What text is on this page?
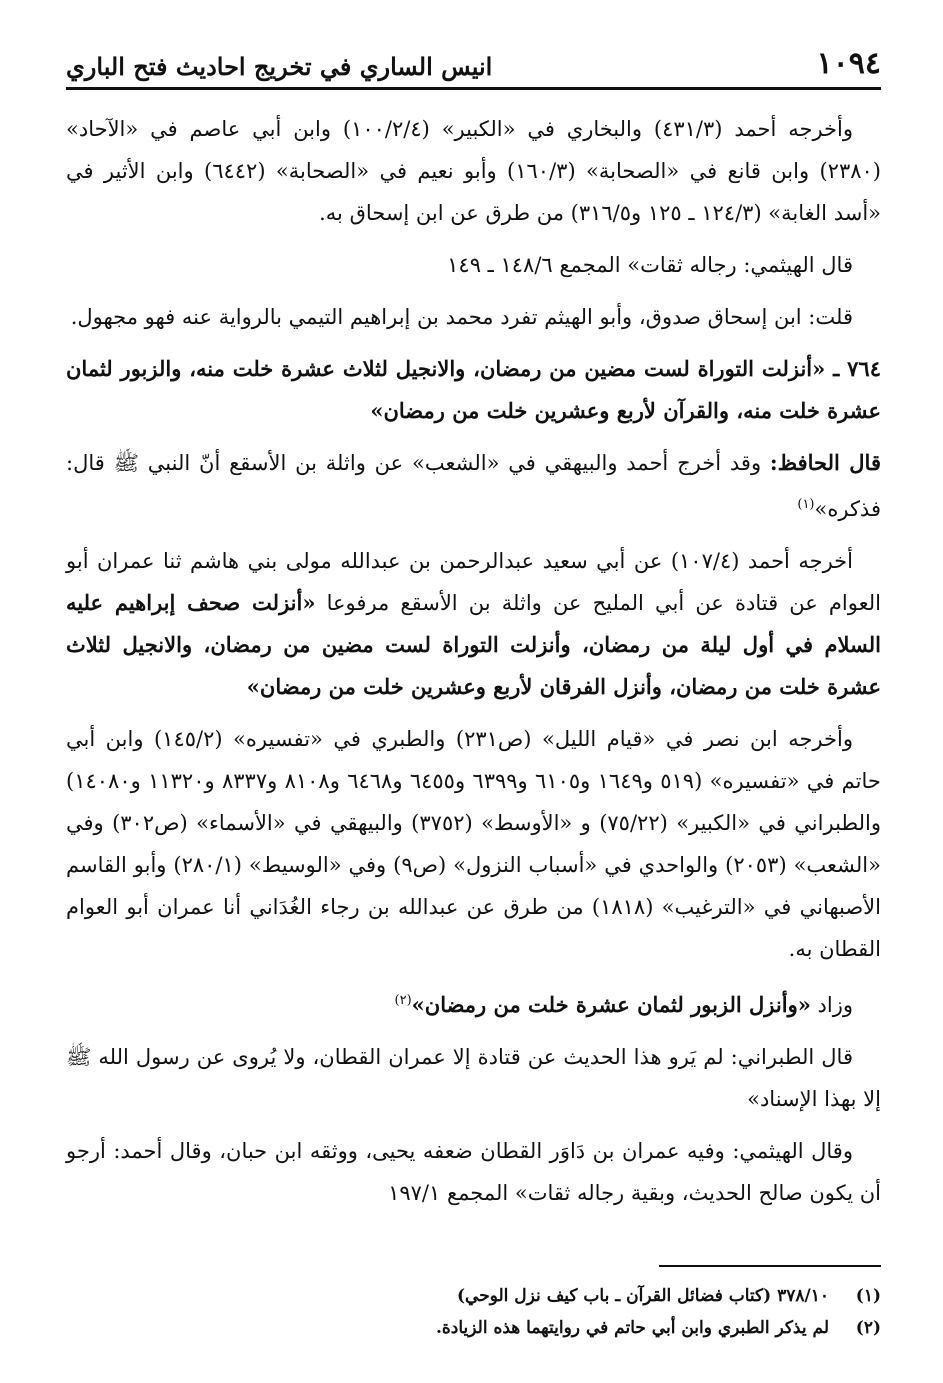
١٠٩٤
انيس الساري في تخريج احاديث فتح الباري

وأخرجه أحمد (٤٣١/٣) والبخاري في «الكبير» (١٠٠/٢/٤) وابن أبي عاصم في «الآحاد» (٢٣٨٠) وابن قانع في «الصحابة» (١٦٠/٣) وأبو نعيم في «الصحابة» (٦٤٤٢) وابن الأثير في «أسد الغابة» (١٢٤/٣ ـ ١٢٥ و٣١٦/٥) من طرق عن ابن إسحاق به.

قال الهيثمي: رجاله ثقات» المجمع ١٤٨/٦ ـ ١٤٩

قلت: ابن إسحاق صدوق، وأبو الهيثم تفرد محمد بن إبراهيم التيمي بالرواية عنه فهو مجهول.

٧٦٤ ـ «أنزلت التوراة لست مضين من رمضان، والانجيل لثلاث عشرة خلت منه، والزبور لثمان عشرة خلت منه، والقرآن لأربع وعشرين خلت من رمضان»

قال الحافظ: وقد أخرج أحمد والبيهقي في «الشعب» عن واثلة بن الأسقع أنّ النبي ﷺ قال: فذكره»$^{(١)}$

أخرجه أحمد (١٠٧/٤) عن أبي سعيد عبدالرحمن بن عبدالله مولى بني هاشم ثنا عمران أبو العوام عن قتادة عن أبي المليح عن واثلة بن الأسقع مرفوعا «أنزلت صحف إبراهيم عليه السلام في أول ليلة من رمضان، وأنزلت التوراة لست مضين من رمضان، والانجيل لثلاث عشرة خلت من رمضان، وأنزل الفرقان لأربع وعشرين خلت من رمضان»

وأخرجه ابن نصر في «قيام الليل» (ص٢٣١) والطبري في «تفسيره» (١٤٥/٢) وابن أبي حاتم في «تفسيره» (٥١٩ و١٦٤٩ و٦١٠٥ و٦٣٩٩ و٦٤٥٥ و٦٤٦٨ و٨١٠٨ و٨٣٣٧ و١١٣٢٠ و١٤٠٨٠) والطبراني في «الكبير» (٧٥/٢٢) و «الأوسط» (٣٧٥٢) والبيهقي في «الأسماء» (ص٣٠٢) وفي «الشعب» (٢٠٥٣) والواحدي في «أسباب النزول» (ص٩) وفي «الوسيط» (٢٨٠/١) وأبو القاسم الأصبهاني في «الترغيب» (١٨١٨) من طرق عن عبدالله بن رجاء الغُدَاني أنا عمران أبو العوام القطان به.

وزاد «وأنزل الزبور لثمان عشرة خلت من رمضان»$^{(٢)}$

قال الطبراني: لم يَرو هذا الحديث عن قتادة إلا عمران القطان، ولا يُروى عن رسول الله ﷺ إلا بهذا الإسناد»

وقال الهيثمي: وفيه عمران بن دَاوَر القطان ضعفه يحيى، ووثقه ابن حبان، وقال أحمد: أرجو أن يكون صالح الحديث، وبقية رجاله ثقات» المجمع ١٩٧/١

(١)
٣٧٨/١٠ (كتاب فضائل القرآن ـ باب كيف نزل الوحي)
(٢)
لم يذكر الطبري وابن أبي حاتم في روايتهما هذه الزيادة.
